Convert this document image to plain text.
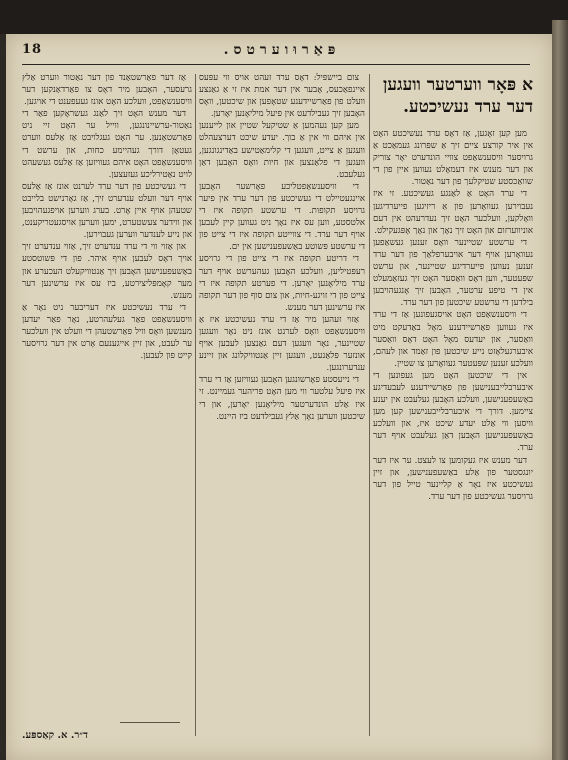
18	פּאַרוּוערטס.
א פּאָר ווערטער וועגען
דער ערד נעשיכטע.

מען קען זאָגען, אַז דאָס ערד נעשיכטע האָט אין איר קורצע ציים זיך אַ שפּרונג געמאַכט אַ גרויסער וויסענשאַפט צוויי הונדערט יאָר צוריק און דער מענש איז דעמאָלט נעווען איין פון די שוואַכסטע שטיקלעך פון דער נאַטור.

די ערד האָט אַ לאַנגע געשיכטע. זי איז נעבוירען געוואָרען פון אַ ריזיגען פייערדיגען וואָלקען, וועלכער האָט זיך נעדרעהט אין דעם אוניווערזום און האָט זיך נאָך און נאָך אָפּגעקילט.

די ערשטע שטיינער וואָס זענען געשאַפען נעוואָרען אויף דער אויבערפלאַך פון דער ערד זענען נעווען פייערדיגע שטיינער, און ערשט שפּעטער, ווען דאָס וואַסער האָט זיך געזאַמעלט אין די טיפע ערטער, האָבען זיך אָנגעהויבען בילדען די ערשטע שיכטען פון דער ערד.

די וויסענשאַפט האָט אויסגעפונען אַז די ערד איז נעווען פאַרשיידענע מאָל באַדעקט מיט וואַסער, און יעדעס מאָל האָט דאָס וואַסער איבערגעלאָזט נייע שיכטען פון זאַמד און לעהם, וועלכע זענען שפּעטער געוואָרען צו שטיין.

אין די שיכטען האָט מען געפונען די איבערבלייבענישען פון פאַרשיידענע לעבעדיגע באַשעפענישען, וועלכע האָבען געלעבט אין יענע ציימען. דורך די איבערבלייבענישען קען מען וויסען ווי אַלט יעדע שיכט איז, און וועלכע באַשעפענישען האָבען דאַן געלעבט אויף דער ערד.

דער מענש איז געקומען צו לעצט. ער איז דער יונגסטער פון אַלע באַשעפענישען, און זיין געשיכטע איז נאָר אַ קליינער טייל פון דער גרויסער געשיכטע פון דער ערד.

צום ביישפּיל: דאָס ערד זעהט אויס ווי עפּעס איינפאַכעס, אָבער אין דער אמת איז זי אַ גאַנצע וועלט פון פאַרשיידענע שטאָפען און שיכטען, וואָס האָבען זיך געבילדעט אין פיעל מיליאָנען יאָרען.

מען קען נעהמען אַ שטיקעל שטיין און לייענען אין איהם ווי אין אַ בוך. יעדע שיכט דערצעהלט וועגען אַ צייט, וועגען די קלימאַטישע באַדינגונגען, וועגען די פלאַנצען און חיות וואָס האָבען דאַן געלעבט.

די וויסענשאַפטליכע פאָרשער האָבען איינגעטיילט די געשיכטע פון דער ערד אין פיער גרויסע תקופות. די ערשטע תקופה איז די אלטסטע, ווען עס איז נאָך ניט געווען קיין לעבען אויף דער ערד. די צווייטע תקופה איז די צייט פון די ערשטע פּשוטע באַשעפענישען אין ים.

די דריטע תקופה איז די צייט פון די גרויסע רעפּטיליען, וועלכע האָבען געהערשט אויף דער ערד מיליאָנען יאָרען. די פערטע תקופה איז די צייט פון די זויגע-חיות, און צום סוף פון דער תקופה איז ערשינען דער מענש.

אַזוי זעהען מיר אַז די ערד נעשיכטע איז אַ וויסענשאַפט וואָס לערנט אונז ניט נאָר וועגען שטיינער, נאָר וועגען דעם גאַנצען לעבען אויף אונזער פּלאַנעט, וועגען זיין אַנטוויקלונג און זיינע ענדערונגען.

די נייעסטע פאָרשונגען האָבען געוויזען אַז די ערד איז פיעל עלטער ווי מען האָט פריהער געמיינט. זי איז אַלט הונדערטער מיליאָנען יאָרען, און די שיכטען ווערען נאָך אַלץ געבילדעט ביז היינט.

אַז דער פאַרשטאַנד פון דער נאַטור ווערט אַלץ גרעסער, האָבען מיר דאָס צו פאַרדאַנקען דער וויסענשאַפט, וועלכע האָט אונז געעפענט די אויגען.

דער מענש האָט זיך לאַנג געשראָקען פאַר די נאַטור-ערשיינונגען, ווייל ער האָט זיי ניט פאַרשטאַנען. ער האָט געגלויבט אַז אַלעס ווערט געטאָן דורך געהיימע כחות, און ערשט די וויסענשאַפט האָט איהם געוויזען אַז אַלעס געשעהט לויט נאַטירליכע געזעצען.

די געשיכטע פון דער ערד לערנט אונז אַז אַלעס אויף דער וועלט ענדערט זיך, אַז גאָרנישט בלייבט שטעהן אויף איין אָרט. בערג ווערען אויפגעהויבען און ווידער צעשטערט, ימען ווערען אויסגעטריקענט, און נייע לענדער ווערען געבוירען.

און אַזוי ווי די ערד ענדערט זיך, אַזוי ענדערט זיך אויך דאָס לעבען אויף איהר. פון די פּשוטסטע באַשעפענישען האָבען זיך אַנטוויקעלט העכערע און מער קאָמפּליצירטע, ביז עס איז ערשינען דער מענש.

די ערד נעשיכטע איז דעריבער ניט נאָר אַ וויסענשאַפט פאַר געלעהרטע, נאָר פאַר יעדען מענשען וואָס וויל פאַרשטעהן די וועלט אין וועלכער ער לעבט, און זיין אייגענעם אָרט אין דער גרויסער קייט פון לעבען.

ד״ר. א. קאַספּע.
